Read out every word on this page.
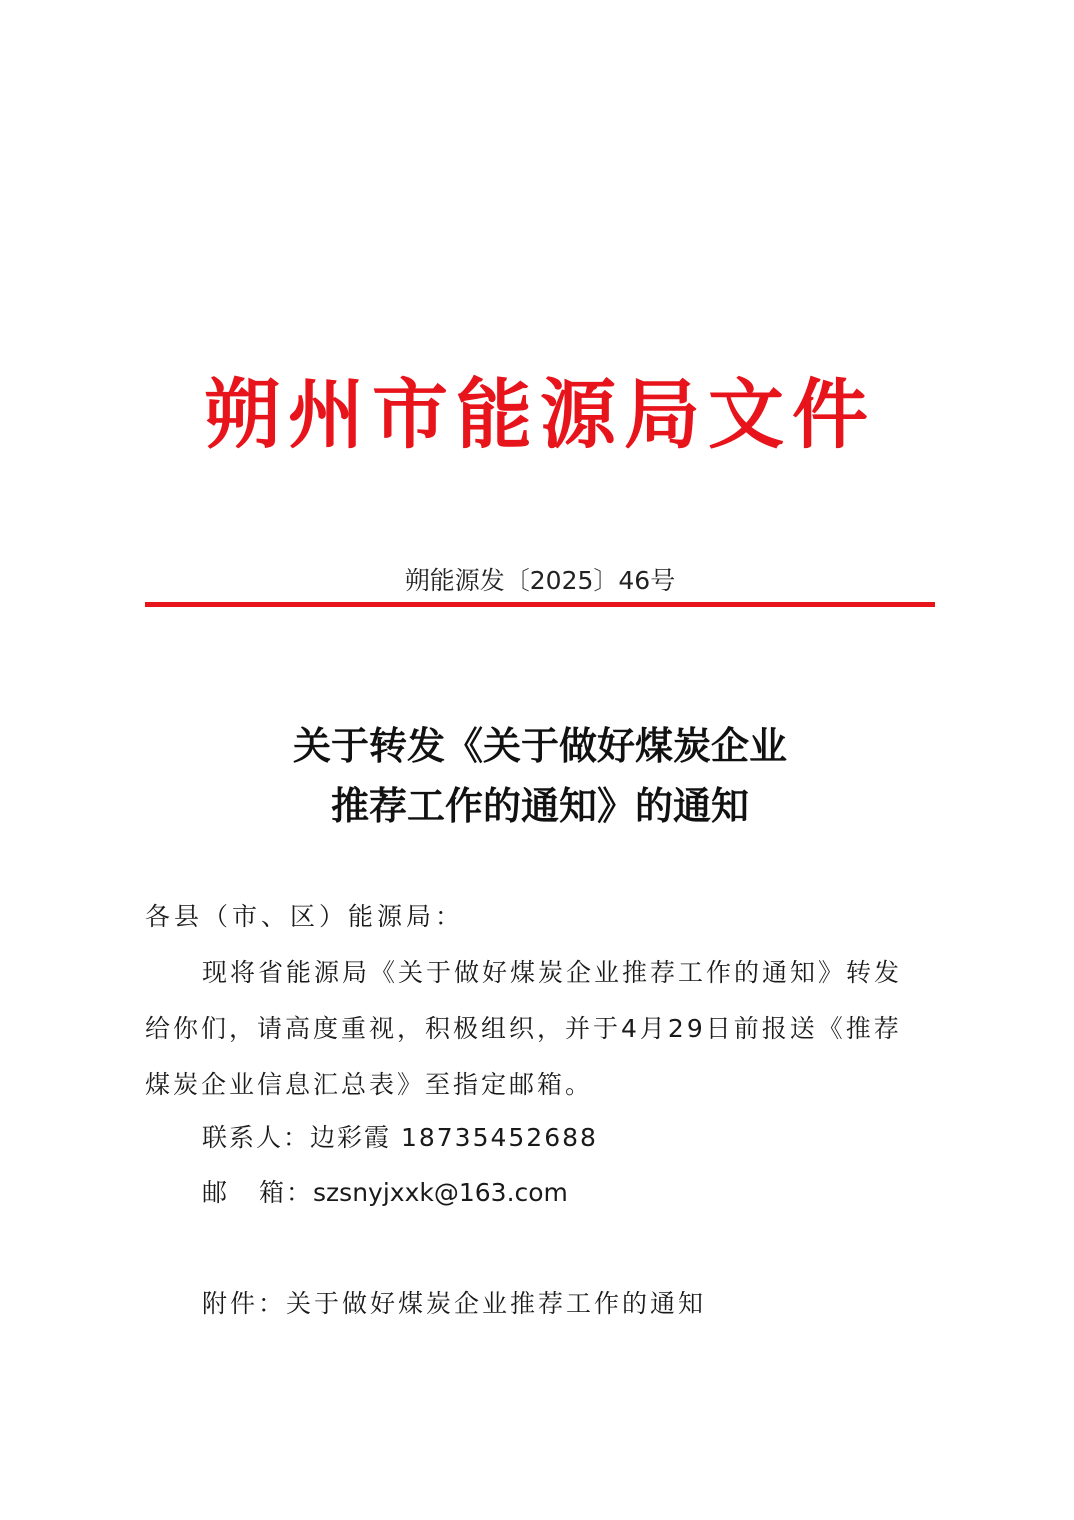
朔州市能源局文件
朔能源发〔2025〕46号
关于转发《关于做好煤炭企业
推荐工作的通知》的通知
各县（市、区）能源局：
现将省能源局《关于做好煤炭企业推荐工作的通知》转发
给你们，请高度重视，积极组织，并于4月29日前报送《推荐
煤炭企业信息汇总表》至指定邮箱。
联系人：边彩霞 18735452688
邮 箱：szsnyjxxk@163.com
附件：关于做好煤炭企业推荐工作的通知
